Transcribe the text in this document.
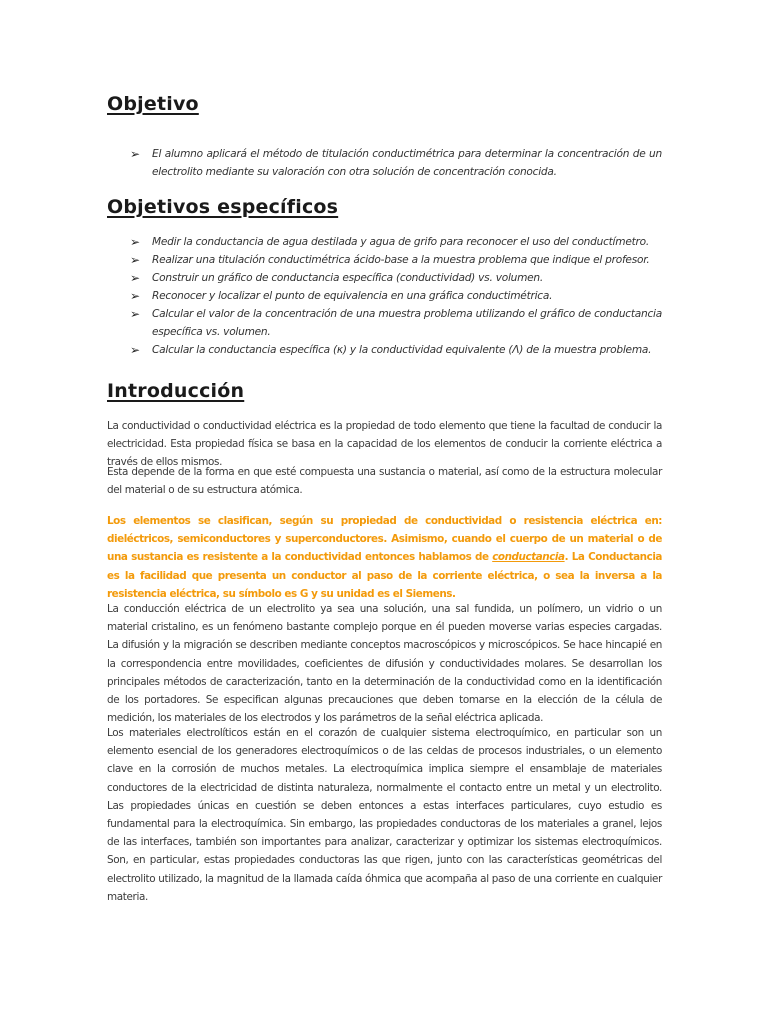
Objetivo
➢ El alumno aplicará el método de titulación conductimétrica para determinar la concentración de un electrolito mediante su valoración con otra solución de concentración conocida.
Objetivos específicos
➢ Medir la conductancia de agua destilada y agua de grifo para reconocer el uso del conductímetro.
➢ Realizar una titulación conductimétrica ácido-base a la muestra problema que indique el profesor.
➢ Construir un gráfico de conductancia específica (conductividad) vs. volumen.
➢ Reconocer y localizar el punto de equivalencia en una gráfica conductimétrica.
➢ Calcular el valor de la concentración de una muestra problema utilizando el gráfico de conductancia específica vs. volumen.
➢ Calcular la conductancia específica (κ) y la conductividad equivalente (Λ) de la muestra problema.
Introducción

La conductividad o conductividad eléctrica es la propiedad de todo elemento que tiene la facultad de conducir la electricidad. Esta propiedad física se basa en la capacidad de los elementos de conducir la corriente eléctrica a través de ellos mismos.

Esta depende de la forma en que esté compuesta una sustancia o material, así como de la estructura molecular del material o de su estructura atómica.

Los elementos se clasifican, según su propiedad de conductividad o resistencia eléctrica en: dieléctricos, semiconductores y superconductores. Asimismo, cuando el cuerpo de un material o de una sustancia es resistente a la conductividad entonces hablamos de conductancia. La Conductancia es la facilidad que presenta un conductor al paso de la corriente eléctrica, o sea la inversa a la resistencia eléctrica, su símbolo es G y su unidad es el Siemens.

La conducción eléctrica de un electrolito ya sea una solución, una sal fundida, un polímero, un vidrio o un material cristalino, es un fenómeno bastante complejo porque en él pueden moverse varias especies cargadas. La difusión y la migración se describen mediante conceptos macroscópicos y microscópicos. Se hace hincapié en la correspondencia entre movilidades, coeficientes de difusión y conductividades molares. Se desarrollan los principales métodos de caracterización, tanto en la determinación de la conductividad como en la identificación de los portadores. Se especifican algunas precauciones que deben tomarse en la elección de la célula de medición, los materiales de los electrodos y los parámetros de la señal eléctrica aplicada.

Los materiales electrolíticos están en el corazón de cualquier sistema electroquímico, en particular son un elemento esencial de los generadores electroquímicos o de las celdas de procesos industriales, o un elemento clave en la corrosión de muchos metales. La electroquímica implica siempre el ensamblaje de materiales conductores de la electricidad de distinta naturaleza, normalmente el contacto entre un metal y un electrolito. Las propiedades únicas en cuestión se deben entonces a estas interfaces particulares, cuyo estudio es fundamental para la electroquímica. Sin embargo, las propiedades conductoras de los materiales a granel, lejos de las interfaces, también son importantes para analizar, caracterizar y optimizar los sistemas electroquímicos. Son, en particular, estas propiedades conductoras las que rigen, junto con las características geométricas del electrolito utilizado, la magnitud de la llamada caída óhmica que acompaña al paso de una corriente en cualquier materia.
